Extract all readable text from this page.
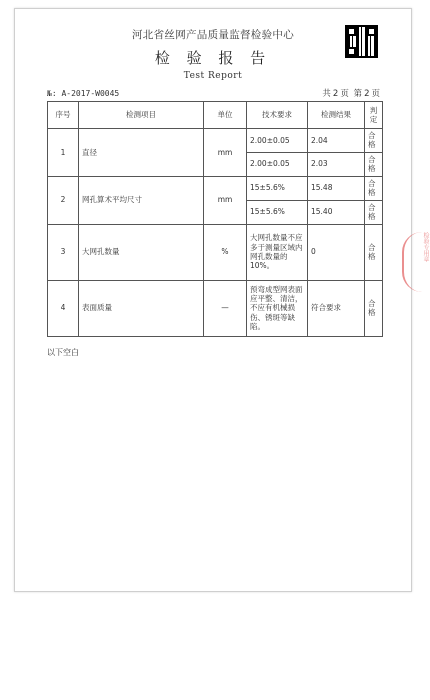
河北省丝网产品质量监督检验中心
检 验 报 告
Test Report
№: A-2017-W0045	共 2 页 第 2 页
序号	检测项目	单位	技术要求	检测结果	判定
1	直径	mm	2.00±0.05	2.04	合格
			2.00±0.05	2.03	合格
2	网孔算术平均尺寸	mm	15±5.6%	15.48	合格
			15±5.6%	15.40	合格
3	大网孔数量	%	大网孔数量不应多于测量区域内网孔数量的10%。	0	合格
4	表面质量	—	预弯成型网表面应平整、清洁，不应有机械损伤、锈斑等缺陷。	符合要求	合格
以下空白
检验专用章
